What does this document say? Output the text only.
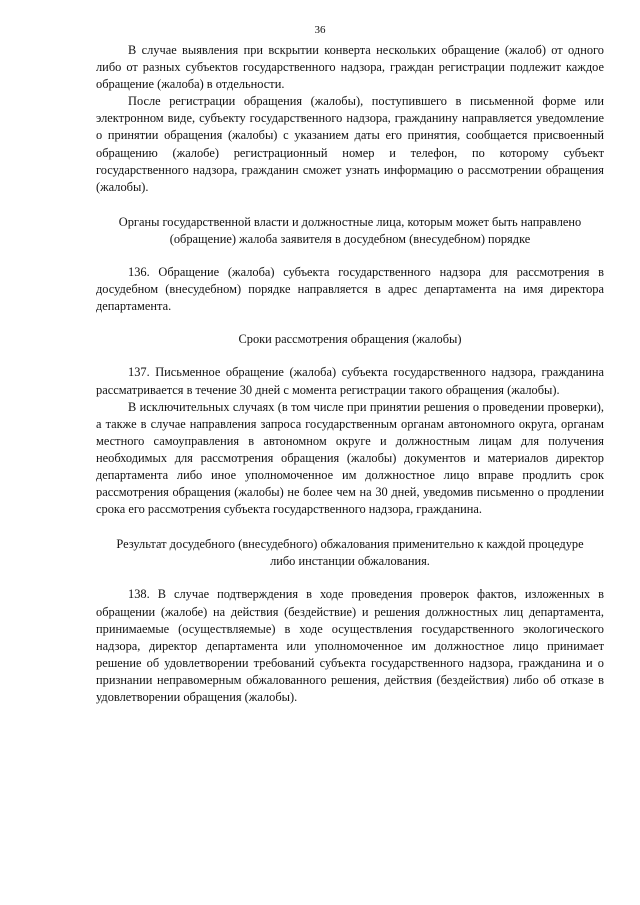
36

В случае выявления при вскрытии конверта нескольких обращение (жалоб) от одного либо от разных субъектов государственного надзора, граждан регистрации подлежит каждое обращение (жалоба) в отдельности.

После регистрации обращения (жалобы), поступившего в письменной форме или электронном виде, субъекту государственного надзора, гражданину направляется уведомление о принятии обращения (жалобы) с указанием даты его принятия, сообщается присвоенный обращению (жалобе) регистрационный номер и телефон, по которому субъект государственного надзора, гражданин сможет узнать информацию о рассмотрении обращения (жалобы).

Органы государственной власти и должностные лица, которым может быть направлено (обращение) жалоба заявителя в досудебном (внесудебном) порядке

136. Обращение (жалоба) субъекта государственного надзора для рассмотрения в досудебном (внесудебном) порядке направляется в адрес департамента на имя директора департамента.

Сроки рассмотрения обращения (жалобы)

137. Письменное обращение (жалоба) субъекта государственного надзора, гражданина рассматривается в течение 30 дней с момента регистрации такого обращения (жалобы).

В исключительных случаях (в том числе при принятии решения о проведении проверки), а также в случае направления запроса государственным органам автономного округа, органам местного самоуправления в автономном округе и должностным лицам для получения необходимых для рассмотрения обращения (жалобы) документов и материалов директор департамента либо иное уполномоченное им должностное лицо вправе продлить срок рассмотрения обращения (жалобы) не более чем на 30 дней, уведомив письменно о продлении срока его рассмотрения субъекта государственного надзора, гражданина.

Результат досудебного (внесудебного) обжалования применительно к каждой процедуре либо инстанции обжалования.

138. В случае подтверждения в ходе проведения проверок фактов, изложенных в обращении (жалобе) на действия (бездействие) и решения должностных лиц департамента, принимаемые (осуществляемые) в ходе осуществления государственного экологического надзора, директор департамента или уполномоченное им должностное лицо принимает решение об удовлетворении требований субъекта государственного надзора, гражданина и о признании неправомерным обжалованного решения, действия (бездействия) либо об отказе в удовлетворении обращения (жалобы).
